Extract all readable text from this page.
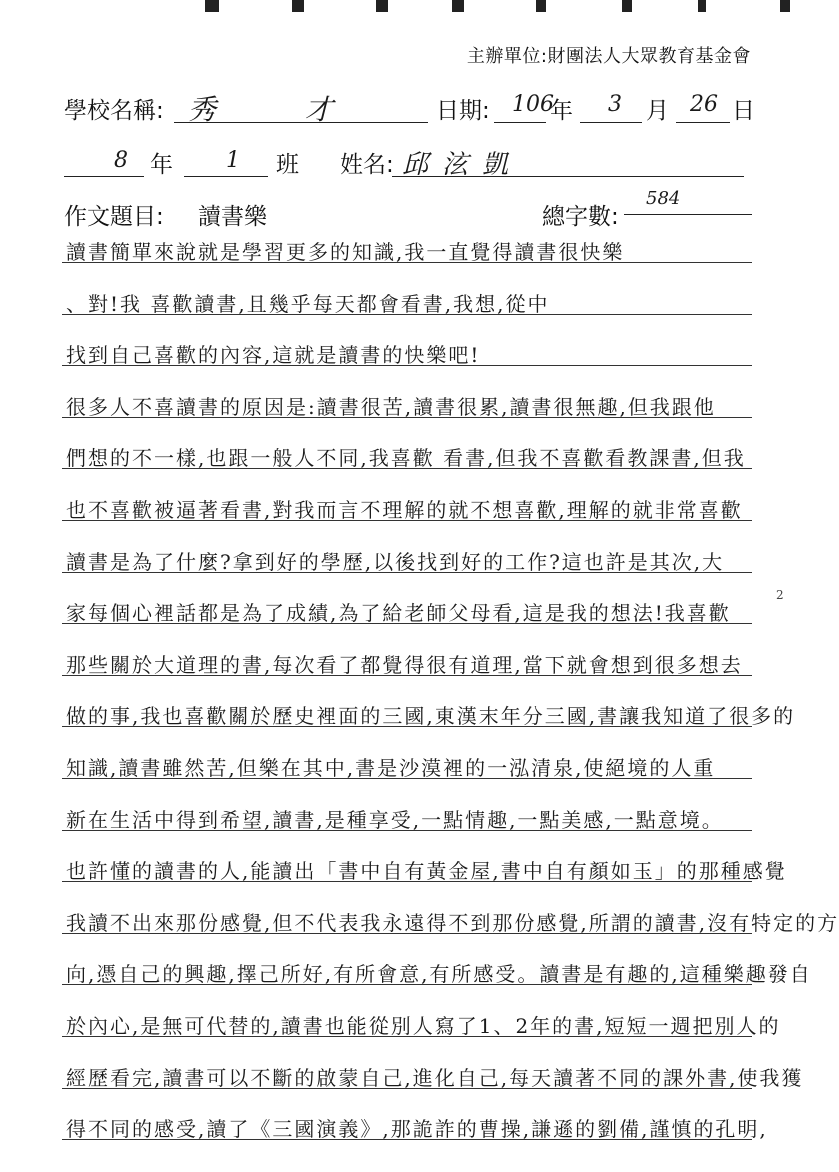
主辦單位:財團法人大眾教育基金會
學校名稱: 秀 才	日期: 106
年 3 月 26 日
8 年 1 班 姓名: 邱泫凱
作文題目: 讀書樂	總字數:
584
讀書簡單來說就是學習更多的知識,我一直覺得讀書很快樂
、對!我 喜歡讀書,且幾乎每天都會看書,我想,從中
找到自己喜歡的內容,這就是讀書的快樂吧!
很多人不喜讀書的原因是:讀書很苦,讀書很累,讀書很無趣,但我跟他
們想的不一樣,也跟一般人不同,我喜歡 看書,但我不喜歡看教課書,但我
也不喜歡被逼著看書,對我而言不理解的就不想喜歡,理解的就非常喜歡
讀書是為了什麼?拿到好的學歷,以後找到好的工作?這也許是其次,大
家每個心裡話都是為了成績,為了給老師父母看,這是我的想法!我喜歡
那些關於大道理的書,每次看了都覺得很有道理,當下就會想到很多想去
做的事,我也喜歡關於歷史裡面的三國,東漢末年分三國,書讓我知道了很多的
知識,讀書雖然苦,但樂在其中,書是沙漠裡的一泓清泉,使絕境的人重
新在生活中得到希望,讀書,是種享受,一點情趣,一點美感,一點意境。
也許懂的讀書的人,能讀出「書中自有黃金屋,書中自有顏如玉」的那種感覺
我讀不出來那份感覺,但不代表我永遠得不到那份感覺,所謂的讀書,沒有特定的方
向,憑自己的興趣,擇己所好,有所會意,有所感受。讀書是有趣的,這種樂趣發自
於內心,是無可代替的,讀書也能從別人寫了1、2年的書,短短一週把別人的
經歷看完,讀書可以不斷的啟蒙自己,進化自己,每天讀著不同的課外書,使我獲
得不同的感受,讀了《三國演義》,那詭詐的曹操,謙遜的劉備,謹慎的孔明,
2
